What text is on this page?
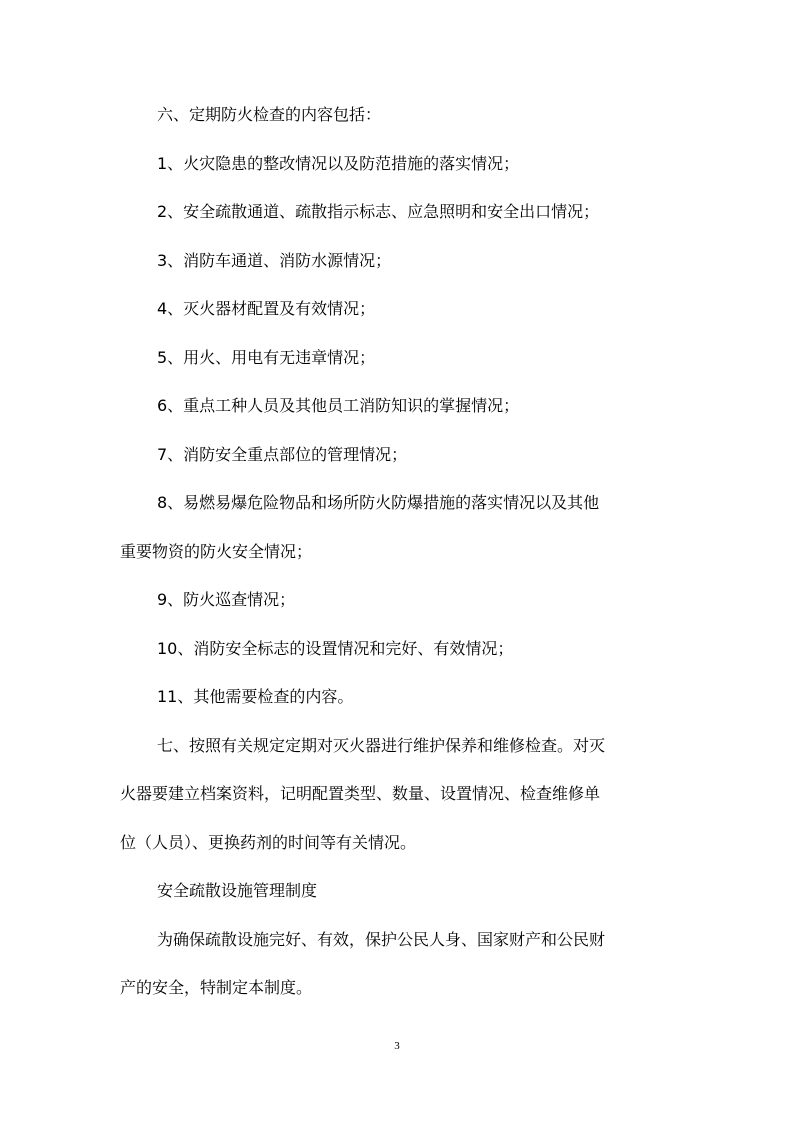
六、定期防火检查的内容包括：
1、火灾隐患的整改情况以及防范措施的落实情况；
2、安全疏散通道、疏散指示标志、应急照明和安全出口情况；
3、消防车通道、消防水源情况；
4、灭火器材配置及有效情况；
5、用火、用电有无违章情况；
6、重点工种人员及其他员工消防知识的掌握情况；
7、消防安全重点部位的管理情况；
8、易燃易爆危险物品和场所防火防爆措施的落实情况以及其他
重要物资的防火安全情况；
9、防火巡查情况；
10、消防安全标志的设置情况和完好、有效情况；
11、其他需要检查的内容。
七、按照有关规定定期对灭火器进行维护保养和维修检查。对灭
火器要建立档案资料，记明配置类型、数量、设置情况、检查维修单
位（人员）、更换药剂的时间等有关情况。
安全疏散设施管理制度
为确保疏散设施完好、有效，保护公民人身、国家财产和公民财
产的安全，特制定本制度。
3
